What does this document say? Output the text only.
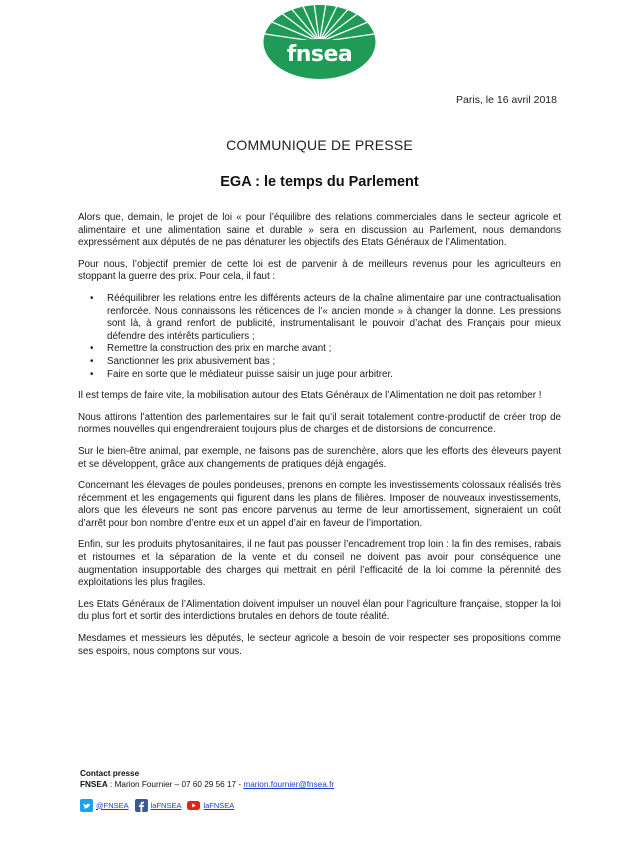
fnsea
Paris, le 16 avril 2018
COMMUNIQUE DE PRESSE
EGA : le temps du Parlement

Alors que, demain, le projet de loi « pour l’équilibre des relations commerciales dans le secteur agricole et alimentaire et une alimentation saine et durable » sera en discussion au Parlement, nous demandons expressément aux députés de ne pas dénaturer les objectifs des Etats Généraux de l’Alimentation.

Pour nous, l’objectif premier de cette loi est de parvenir à de meilleurs revenus pour les agriculteurs en stoppant la guerre des prix. Pour cela, il faut :

• Rééquilibrer les relations entre les différents acteurs de la chaîne alimentaire par une contractualisation renforcée. Nous connaissons les réticences de l’« ancien monde » à changer la donne. Les pressions sont là, à grand renfort de publicité, instrumentalisant le pouvoir d’achat des Français pour mieux défendre des intérêts particuliers ;
• Remettre la construction des prix en marche avant ;
• Sanctionner les prix abusivement bas ;
• Faire en sorte que le médiateur puisse saisir un juge pour arbitrer.

Il est temps de faire vite, la mobilisation autour des Etats Généraux de l’Alimentation ne doit pas retomber !

Nous attirons l’attention des parlementaires sur le fait qu’il serait totalement contre-productif de créer trop de normes nouvelles qui engendreraient toujours plus de charges et de distorsions de concurrence.

Sur le bien-être animal, par exemple, ne faisons pas de surenchère, alors que les efforts des éleveurs payent et se développent, grâce aux changements de pratiques déjà engagés.

Concernant les élevages de poules pondeuses, prenons en compte les investissements colossaux réalisés très récemment et les engagements qui figurent dans les plans de filières. Imposer de nouveaux investissements, alors que les éleveurs ne sont pas encore parvenus au terme de leur amortissement, signeraient un coût d’arrêt pour bon nombre d’entre eux et un appel d’air en faveur de l’importation.

Enfin, sur les produits phytosanitaires, il ne faut pas pousser l’encadrement trop loin : la fin des remises, rabais et ristournes et la séparation de la vente et du conseil ne doivent pas avoir pour conséquence une augmentation insupportable des charges qui mettrait en péril l’efficacité de la loi comme la pérennité des exploitations les plus fragiles.

Les Etats Généraux de l’Alimentation doivent impulser un nouvel élan pour l’agriculture française, stopper la loi du plus fort et sortir des interdictions brutales en dehors de toute réalité.

Mesdames et messieurs les députés, le secteur agricole a besoin de voir respecter ses propositions comme ses espoirs, nous comptons sur vous.

Contact presse
FNSEA : Marion Fournier – 07 60 29 56 17 - marion.fournier@fnsea.fr
@FNSEA	laFNSEA	laFNSEA
